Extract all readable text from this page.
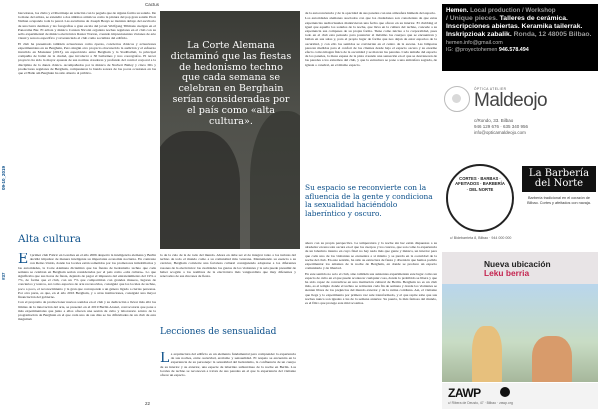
Cactus
09-10_2019
#37

barcelonas, los clubs y el libertinaje en relación con la pegada que de alguna forma su sonido. De la mano del artista, se extendió a dos ámbitos artísticos como la pintura del pop gran sonido Piotr Nathan ocupando toda la pared. Las esculturas de Joseph Beuys se instalan debajo del escritorio de una barra deslizan y las fotografías a gran escala del joven Wolfgang Tillmans cuelgan en el Panorama Bar. El artista y músico Carsten Nicolai organiza noches regulares en el club con su sello experimental de música electrónica Raster Norton, creando impresionantes visiones de arte visual y sonoro específico y reverenciado el club como socialista del edificio.

El club ha presentado también actuaciones como óperas, conciertos clásicos y actuaciones experimentales en su Berghain, Pero ningún otro proyecto obscurecido la audición y el esfuerzo invertido en Monsieur (2013), un espectáculo entre Berghain y la Stadtballett, la principal compañía de ballet de la ciudad, que involucró a 30 bailarines y tres coreógrafos. El tercer proyecto ha sido la mayor apuesta de sus normas creadoras y profundo del control corporal a la disciplina de la danza clásica. Acompañados por la música de Norbert Bailey y cinco DJs y productores regulares de Berghain, compusieron la banda sonora de las pocas ocasiones en las que el Halle am Berghain ha sido abierto al público.

Alta cultura

El primer club Fabric en Londres en el año 2006 despertó la inteligencia alemana y Berlín decidió impulsar de manera inteligente su importante economía nocturna. En contraste con Reino Unido, donde los locales están sometidos por los promotores inmobiliarios y las autoridades, la Corte Alemana dictaminó que las fiestas de hedonismo techno que cada semana se celebran en Berghain serían consideradas por el país como «alta cultura». Lo que significaba que sus horas de fiesta, dejando de pagar el impuesto del entretenimiento del 19% a 7%, de forma que el club, con un 7% que compartirían con grandes museos, lugares de conciertos y teatros, así como espacios de arte reconocidos, consiguió que los locales de techno, poco a poco, el reconocimiento y la gran que corresponde a un género ligado a ciertas personas. Por otra parte, es que, en el año 2016 Berghain, y a otras instituciones, consiguió una mayor financiación del gobierno.

Con el propósito de promocionar nuevos sonidos en el club y su dedicación a llevar más allá los límites de la innovación del arte, se presentó en el 2019 Berlín Atonal, convocatoria que pone a más experimentales que junto a ellos ofrecen una sesión de culto y laboratorio sónico de la programación de Berghain en el que cada uno de sus días se las dificultades de un club de esta magnitud.

La Corte Alemana dictaminó que las fiestas de hedonismo techno que cada semana se celebran en Berghain serían consideradas por el país como «alta cultura».

lo de la culo de la de todo del mundo. Ahora en debe ser el de integrar tanto a los turistas del techno de todo el mundo como a su comunidad más veterana. Manteniendo su esencia a su carácter, Berghain convierte una fortaleza cultural consiguiendo adaptarse a los diferentes rasones de la electrónica: las cualidades los gustos de los visitantes y la sala puede presumir de haber acogido a los nombres de la electrónica más vanguardista que muy diferentes y renovados de sus rincones de fiesta.

Lecciones de sensualidad

La arquitectura del edificio es un elemento fundamental para comprender la experiencia de sus noches, entre oscuridad, erotismo y sensualidad. El respeto se encuentra en la experiencia de su personaje: la sexualidad del hedonismo, la confluencia de un cuerpo de su interior y su exterior, una especie de laberinto subterráneo de la noche en Berlín. Los locales de techno se reconocen a través de sus paredes en el que la experiencia del visitante ofrece un espacio.

de la autoconciencia y de la opacidad de sus paredes con una atmosfera húmeda del espacio.

Los autoridades alemanas asociados con que los ciudadanos son conscientes de que estas experiencias audiovisuales mantuvieron una fecha que ofrece en su interior. El clubbing al igual que aquello los sonidos de la noche, que lleva en la cultura del techno, concede a su experiencia sus compases de su propia forma. Tiene como núcleo a la corporalidad, pues todo en el club esta pensado para potenciar al máximo los cuerpos que se encuentran y bailan en sus salas y, para el propio lugar de forma que nos dejan de estar espacios de la oscuridad, y con ello los sentidos se conviertan en el centro de la escena. Las lámparas parecen medidas para el confort de los clientes desde bajo el espacio oscuro y su enorme efecto como imagen física de la oscuridad y se marcan las paredes. Cada tamaño del espacio de los paneles, la masa espesa de la pista creando una sensación en el que se desvanecen de las paredes a los extremos del club, y que la estructura se pone a una atmósfera sagrada, de iglesia o catedral, en el mismo espacio.

Su espacio se reconvierte con la afluencia de la gente y condiciona la sexualidad haciéndolo laberíntico y oscuro.

ahora con su propia perspectiva. La temperatura y la noche sin luz están dispuestas a su alrededor en una sala oscura en el que los cuerpos y los cuartos, que son como la experiencia de un laberinto interno en cuyo final no hay nada más que gente y música, un interior para que cada uno de los visitantes se encuentre a sí mismo y se pierda en la oscuridad de la noche del club. En este sentido, ha sido su estructura de fiesta y diversión que hemos podido experimentar los amantes de la noche de Berghain, en donde se produce un espacio comunitario y de libertad.

En este sentido no solo el club, sino también sus asistentes experimentan este lugar como un espacio de culto en el que puede acontecer cualquier cosa, donde lo prohibido se libera y que ha sido capaz de convertirse en una institución cultural de Berlín. Berghain no es un club más, es el templo donde el techno se reinventa cada fin de semana y donde los visitantes se sienten libres de los prejuicios del mundo exterior y de la rutina cotidiana. Así, el visitante que llega y lo experimenta por primera vez sale transformado, y el que repite sabe que sus noches nunca son iguales a las de la semana anterior. Su puerta, la más famosa del mundo, es el filtro que protege este microcosmos.

22
Hemen. Local production / Workshop
/ Unique pieces. Talleres de cerámica. Inscripciones abiertas. Keramika tailerrak. Inskripzioak zabalik. Ronda, 12 48005 Bilbao.
hemen.info@gmail.com
IG: @proyectohemen 946.578.494
ÓPTICA ATELIER
Maldeojo
c/Rondo, 33. Bilbao
946 129 676 · 635 340 956
info@opticamaldeojo.com
CORTES · BARBAS · AFEITADOS · BARBERÍA · DEL NORTE
La Barbería del Norte
Barbería tradicional en el corazón de Bilbao. Cortes y afeitados con navaja.
c/ Bidebarrieta 8, Bilbao · 944 000 000
Nueva ubicación
Leku berria
ZAWP
c/ Ribera de Deusto, 47 · Bilbao · zawp.org
